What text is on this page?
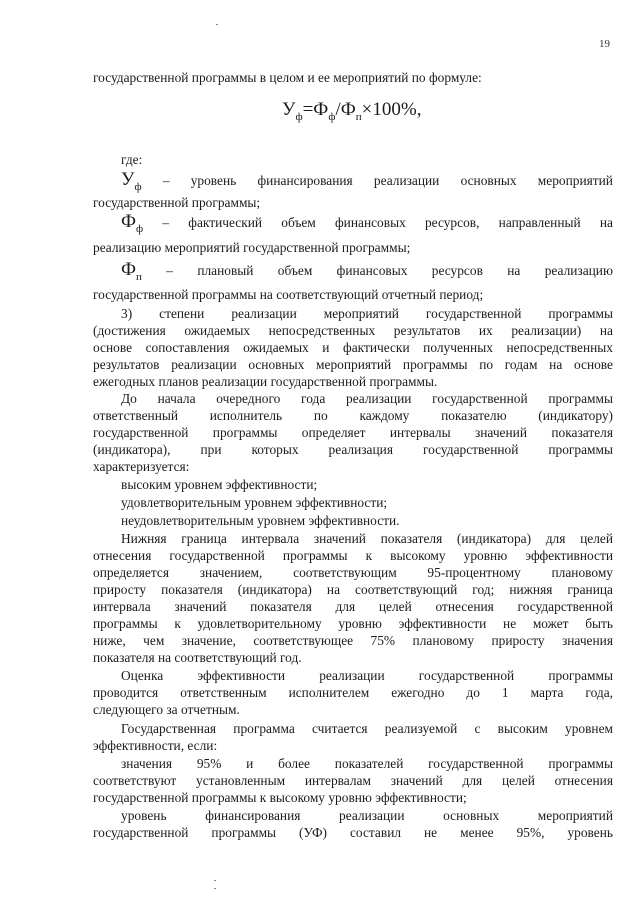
19
государственной программы в целом и ее мероприятий по формуле:
$У_ф=Ф_ф/Ф_п\times 100\%$,
где:
$У_ф$ – уровень финансирования реализации основных мероприятий
государственной программы;
$Ф_ф$ – фактический объем финансовых ресурсов, направленный на
реализацию мероприятий государственной программы;
$Ф_п$ – плановый объем финансовых ресурсов на реализацию
государственной программы на соответствующий отчетный период;
3) степени реализации мероприятий государственной программы
(достижения ожидаемых непосредственных результатов их реализации) на
основе сопоставления ожидаемых и фактически полученных непосредственных
результатов реализации основных мероприятий программы по годам на основе
ежегодных планов реализации государственной программы.
До начала очередного года реализации государственной программы
ответственный исполнитель по каждому показателю (индикатору)
государственной программы определяет интервалы значений показателя
(индикатора), при которых реализация государственной программы
характеризуется:
высоким уровнем эффективности;
удовлетворительным уровнем эффективности;
неудовлетворительным уровнем эффективности.
Нижняя граница интервала значений показателя (индикатора) для целей
отнесения государственной программы к высокому уровню эффективности
определяется значением, соответствующим 95-процентному плановому
приросту показателя (индикатора) на соответствующий год; нижняя граница
интервала значений показателя для целей отнесения государственной
программы к удовлетворительному уровню эффективности не может быть
ниже, чем значение, соответствующее 75% плановому приросту значения
показателя на соответствующий год.
Оценка эффективности реализации государственной программы
проводится ответственным исполнителем ежегодно до 1 марта года,
следующего за отчетным.
Государственная программа считается реализуемой с высоким уровнем
эффективности, если:
значения 95% и более показателей государственной программы
соответствуют установленным интервалам значений для целей отнесения
государственной программы к высокому уровню эффективности;
уровень финансирования реализации основных мероприятий
государственной программы (УФ) составил не менее 95%, уровень
